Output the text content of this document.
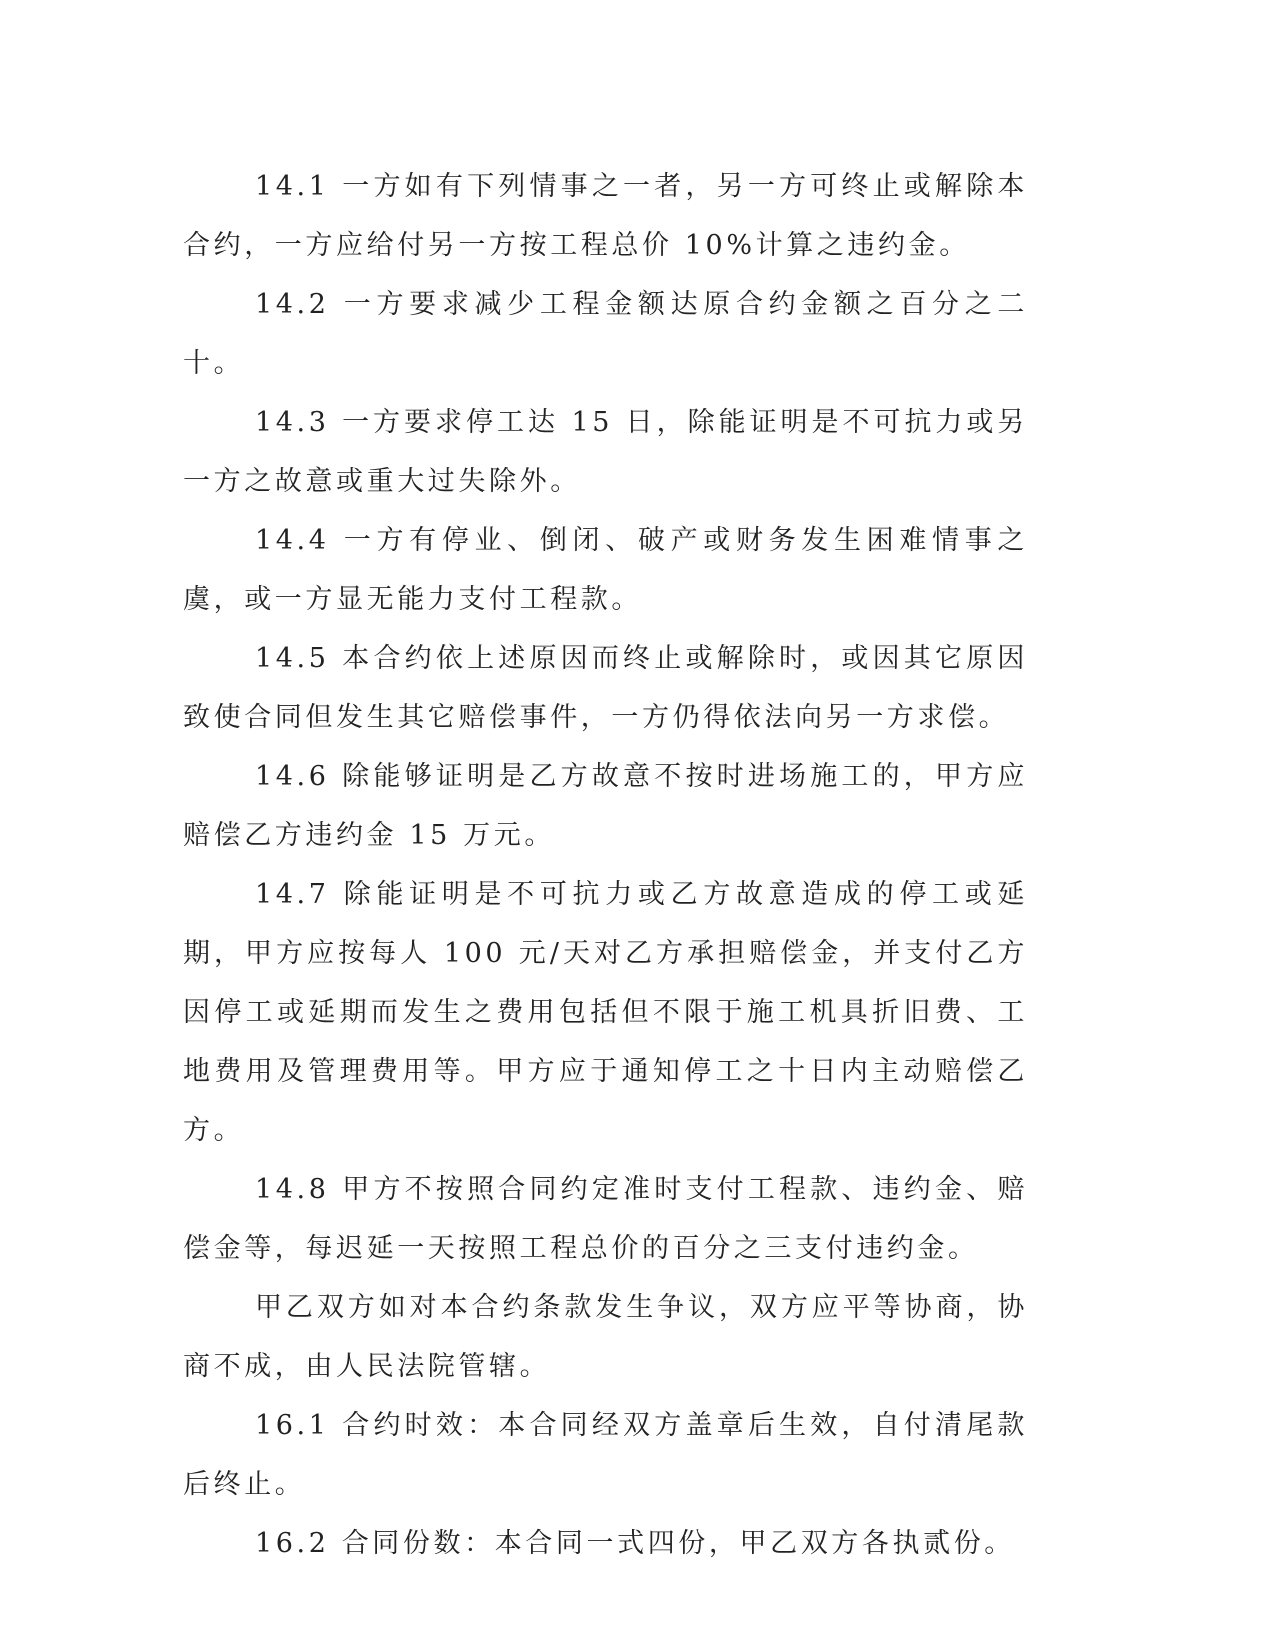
14.1 一方如有下列情事之一者，另一方可终止或解除本合约，一方应给付另一方按工程总价 10%计算之违约金。

14.2 一方要求减少工程金额达原合约金额之百分之二十。

14.3 一方要求停工达 15 日，除能证明是不可抗力或另一方之故意或重大过失除外。

14.4 一方有停业、倒闭、破产或财务发生困难情事之虞，或一方显无能力支付工程款。

14.5 本合约依上述原因而终止或解除时，或因其它原因致使合同但发生其它赔偿事件，一方仍得依法向另一方求偿。

14.6 除能够证明是乙方故意不按时进场施工的，甲方应赔偿乙方违约金 15 万元。

14.7 除能证明是不可抗力或乙方故意造成的停工或延期，甲方应按每人 100 元/天对乙方承担赔偿金，并支付乙方因停工或延期而发生之费用包括但不限于施工机具折旧费、工地费用及管理费用等。甲方应于通知停工之十日内主动赔偿乙方。

14.8 甲方不按照合同约定准时支付工程款、违约金、赔偿金等，每迟延一天按照工程总价的百分之三支付违约金。

甲乙双方如对本合约条款发生争议，双方应平等协商，协商不成，由人民法院管辖。

16.1 合约时效：本合同经双方盖章后生效，自付清尾款后终止。

16.2 合同份数：本合同一式四份，甲乙双方各执贰份。
